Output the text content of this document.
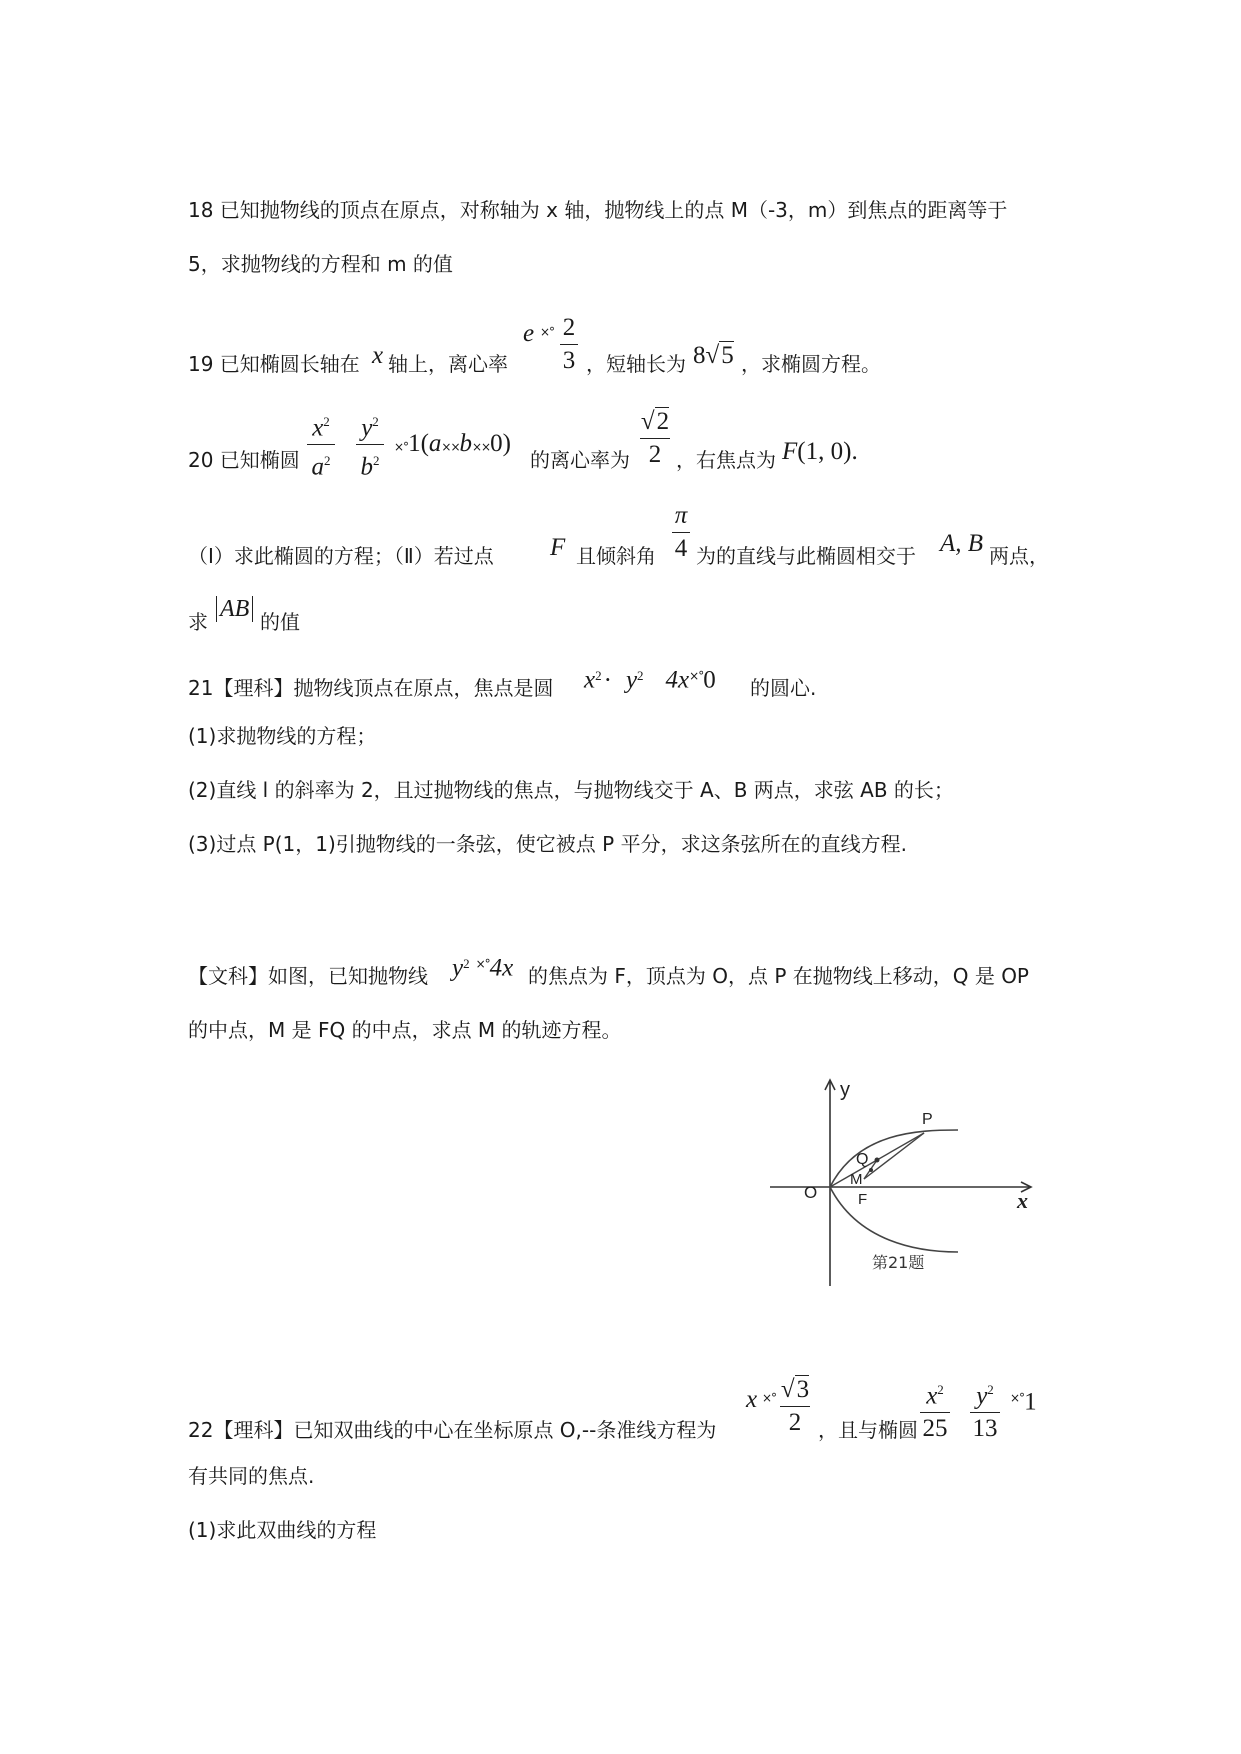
18 已知抛物线的顶点在原点，对称轴为 x 轴，抛物线上的点 M（-3，m）到焦点的距离等于
5，求抛物线的方程和 m 的值
19 已知椭圆长轴在 x 轴上，离心率
e ×° 2
3 ，短轴长为 8√5 ，求椭圆方程。
20 已知椭圆
$x^2$
$a^2$
$y^2$
$b^2$
×°1(a××b××0)
的离心率为
√2
2 ，右焦点为 F(1, 0).
（Ⅰ）求此椭圆的方程；（Ⅱ）若过点 F 且倾斜角
π
4 为的直线与此椭圆相交于 A, B 两点，
求 AB 的值
21【理科】抛物线顶点在原点，焦点是圆 $x^2\cdot y^2$ 4x×°0 的圆心.
(1)求抛物线的方程；
(2)直线 l 的斜率为 2，且过抛物线的焦点，与抛物线交于 A、B 两点，求弦 AB 的长；
(3)过点 P(1，1)引抛物线的一条弦，使它被点 P 平分，求这条弦所在的直线方程.
【文科】如图，已知抛物线 $y^2$ ×°4x 的焦点为 F，顶点为 O，点 P 在抛物线上移动，Q 是 OP
的中点，M 是 FQ 的中点，求点 M 的轨迹方程。
y
x
O	F
P
Q
M
第21题
22【理科】已知双曲线的中心在坐标原点 O,--条准线方程为
x ×° √3
2 ，且与椭圆
$x^2$
25
$y^2$
13
×°1
有共同的焦点.
(1)求此双曲线的方程
